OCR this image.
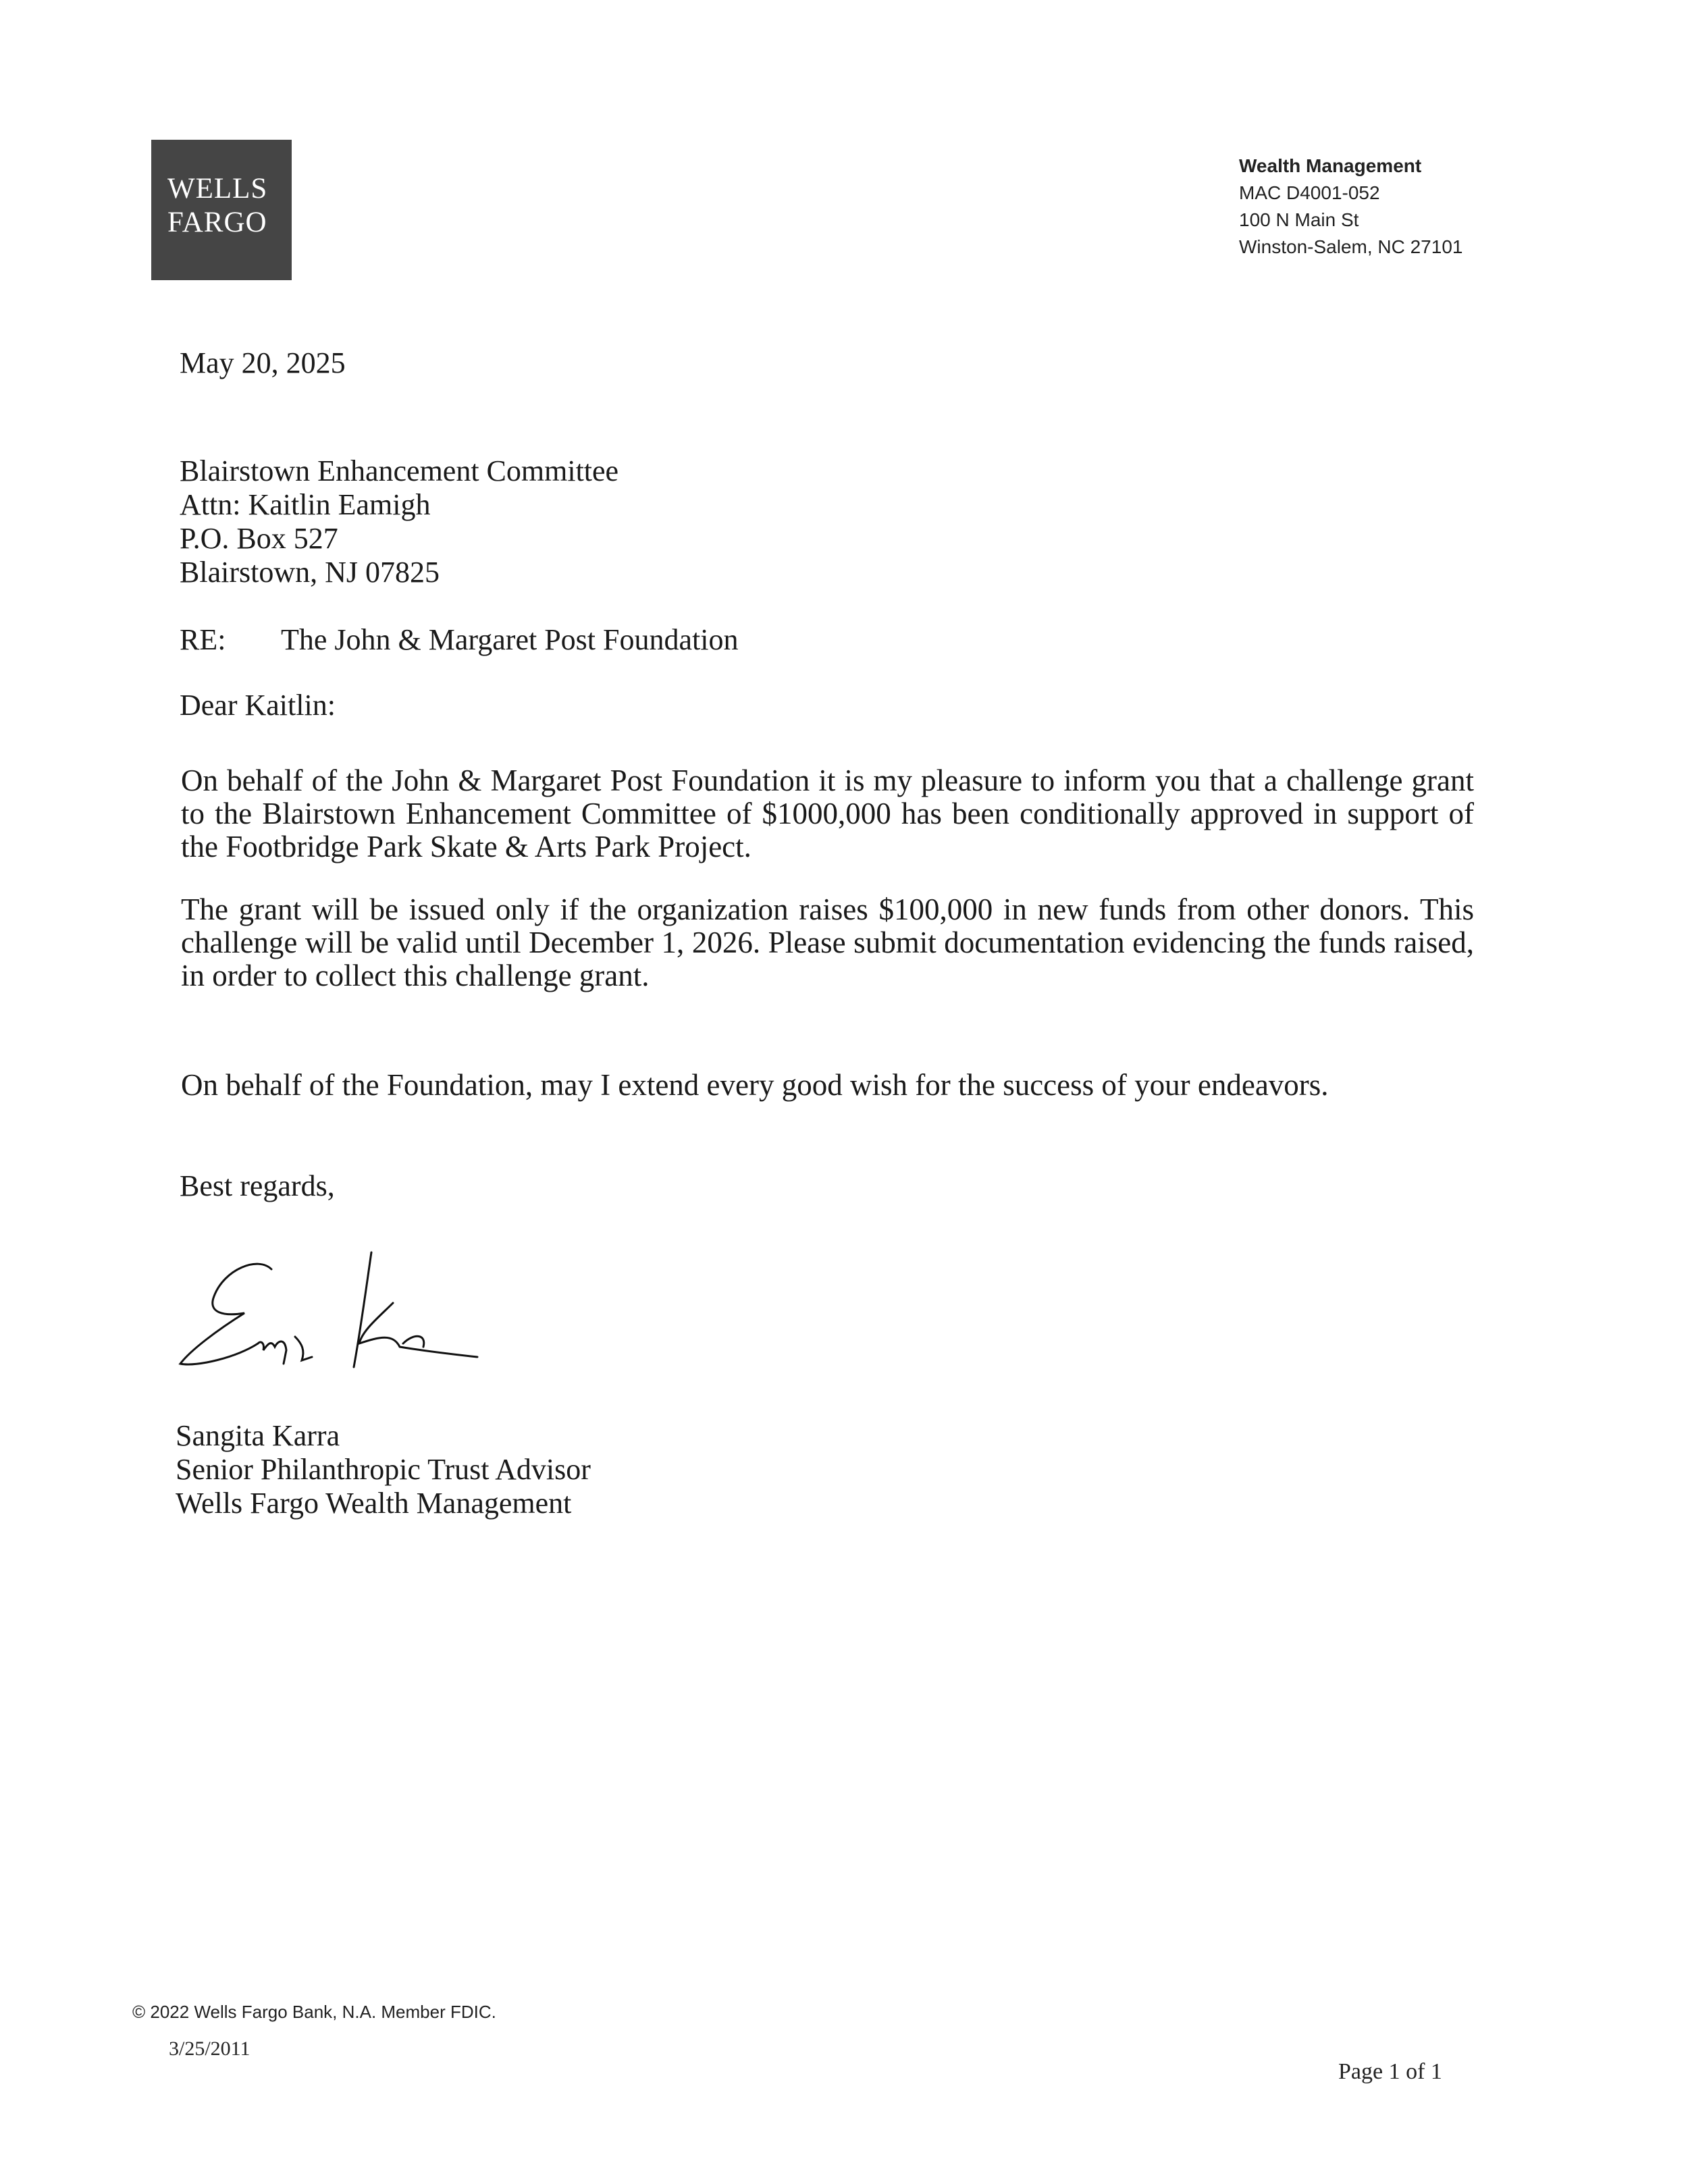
WELLS
FARGO
Wealth Management
MAC D4001-052
100 N Main St
Winston-Salem, NC 27101
May 20, 2025
Blairstown Enhancement Committee
Attn: Kaitlin Eamigh
P.O. Box 527
Blairstown, NJ 07825
RE: The John & Margaret Post Foundation
Dear Kaitlin:
On behalf of the John & Margaret Post Foundation it is my pleasure to inform you that a challenge grant to the Blairstown Enhancement Committee of $1000,000 has been conditionally approved in support of the Footbridge Park Skate & Arts Park Project.
The grant will be issued only if the organization raises $100,000 in new funds from other donors. This challenge will be valid until December 1, 2026. Please submit documentation evidencing the funds raised, in order to collect this challenge grant.
On behalf of the Foundation, may I extend every good wish for the success of your endeavors.
Best regards,
Sangita Karra
Senior Philanthropic Trust Advisor
Wells Fargo Wealth Management
© 2022 Wells Fargo Bank, N.A. Member FDIC.
3/25/2011
Page 1 of 1
